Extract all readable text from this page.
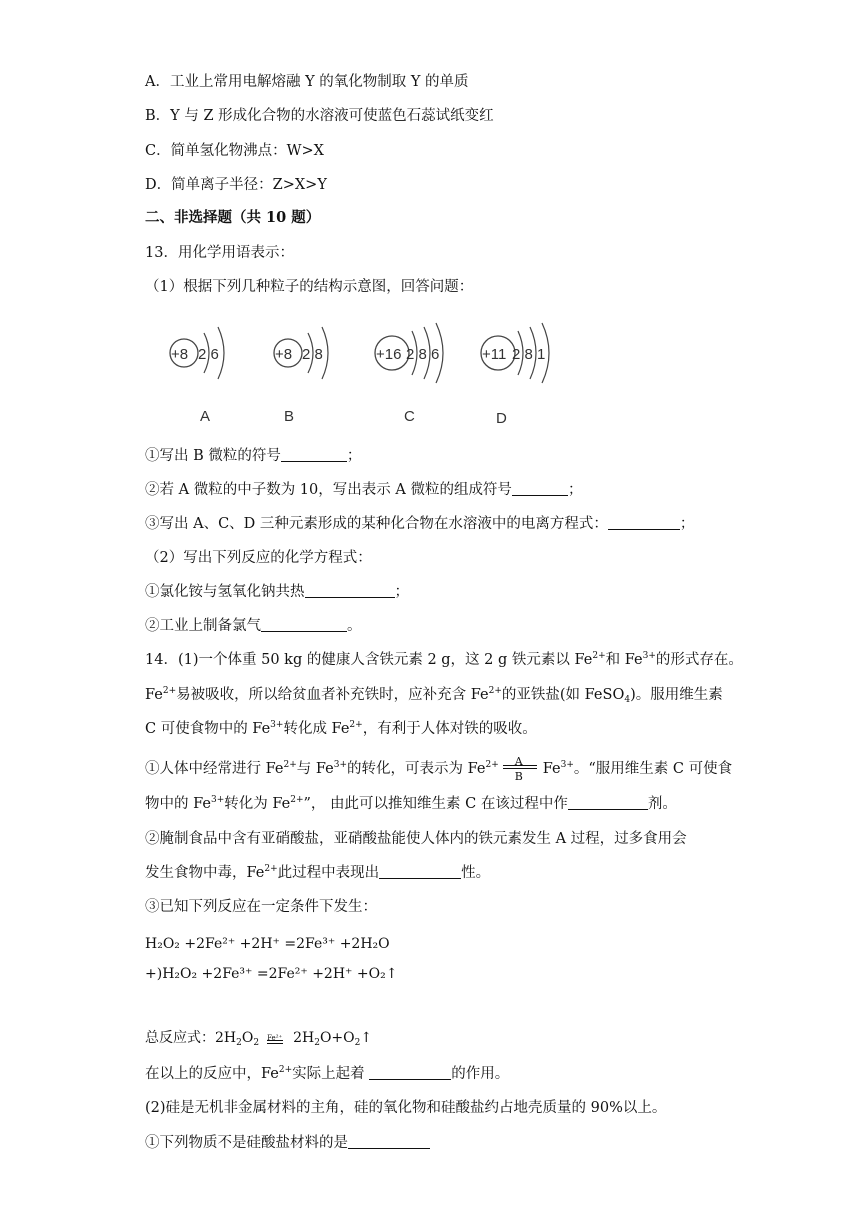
A．工业上常用电解熔融 Y 的氧化物制取 Y 的单质
B．Y 与 Z 形成化合物的水溶液可使蓝色石蕊试纸变红
C．简单氢化物沸点：W>X
D．简单离子半径：Z>X>Y
二、非选择题（共 10 题）
13．用化学用语表示：
（1）根据下列几种粒子的结构示意图，回答问题：
+8 2 6
A
+8 2 8
B
+16 2 8 6
C
+11 2 8 1
D
①写出 B 微粒的符号	；
②若 A 微粒的中子数为 10，写出表示 A 微粒的组成符号	；
③写出 A、C、D 三种元素形成的某种化合物在水溶液中的电离方程式：	；
（2）写出下列反应的化学方程式：
①氯化铵与氢氧化钠共热	；
②工业上制备氯气	。
14．(1)一个体重 50 kg 的健康人含铁元素 2 g，这 2 g 铁元素以 $Fe^{2+}$和 $Fe^{3+}$的形式存在。
$Fe^{2+}$易被吸收，所以给贫血者补充铁时，应补充含 $Fe^{2+}$的亚铁盐(如 FeSO$_4$)。服用维生素
C 可使食物中的 $Fe^{3+}$转化成 $Fe^{2+}$，有利于人体对铁的吸收。
①人体中经常进行 $Fe^{2+}$与 $Fe^{3+}$的转化，可表示为 $Fe^{2+} \frac{A}{B} Fe^{3+}$。“服用维生素 C 可使食
物中的 $Fe^{3+}$转化为 $Fe^{2+}$”， 由此可以推知维生素 C 在该过程中作	剂。
②腌制食品中含有亚硝酸盐，亚硝酸盐能使人体内的铁元素发生 A 过程，过多食用会
发生食物中毒，$Fe^{2+}$此过程中表现出	性。
③已知下列反应在一定条件下发生：
H₂O₂ +2Fe²⁺ +2H⁺ =2Fe³⁺ +2H₂O
+)H₂O₂ +2Fe³⁺ =2Fe²⁺ +2H⁺ +O₂↑
总反应式：$2H_2O_2$ Fe²⁺ $2H_2O+O_2↑$
在以上的反应中，$Fe^{2+}$实际上起着	的作用。
(2)硅是无机非金属材料的主角，硅的氧化物和硅酸盐约占地壳质量的 90%以上。
①下列物质不是硅酸盐材料的是
